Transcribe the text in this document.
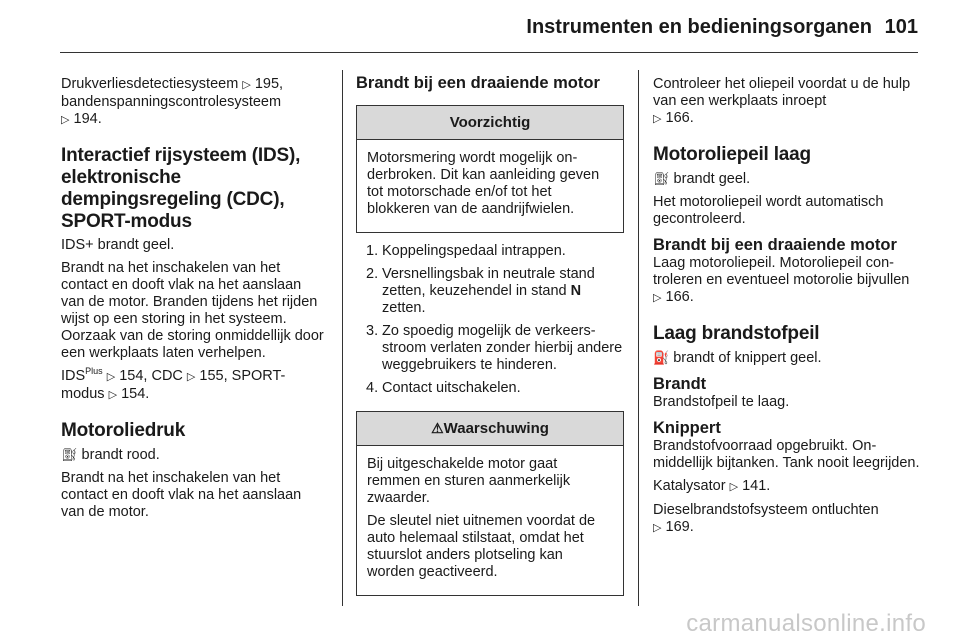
Instrumenten en bedieningsorganen 101

Drukverliesdetectiesysteem ▷ 195,
bandenspanningscontrolesysteem
▷ 194.

Interactief rijsysteem (IDS),
elektronische
dempingsregeling (CDC),
SPORT-modus

IDS+ brandt geel.

Brandt na het inschakelen van het contact en dooft vlak na het aanslaan van de motor. Branden tijdens het rijden wijst op een storing in het systeem. Oorzaak van de storing onmiddellijk door een werkplaats laten verhelpen.

$IDS^{Plus}$ ▷ 154, CDC ▷ 155, SPORT-
modus ▷ 154.

Motoroliedruk

⛽︎ brandt rood.

Brandt na het inschakelen van het contact en dooft vlak na het aanslaan van de motor.

Brandt bij een draaiende motor
Voorzichtig

Motorsmering wordt mogelijk onderbroken. Dit kan aanleiding geven tot motorschade en/of tot het blokkeren van de aandrijfwielen.

1. Koppelingspedaal intrappen.
2. Versnellingsbak in neutrale stand zetten, keuzehendel in stand N
zetten.
3. Zo spoedig mogelijk de verkeersstroom verlaten zonder hierbij andere weggebruikers te hinderen.
4. Contact uitschakelen.
⚠Waarschuwing

Bij uitgeschakelde motor gaat remmen en sturen aanmerkelijk zwaarder.

De sleutel niet uitnemen voordat de auto helemaal stilstaat, omdat het stuurslot anders plotseling kan worden geactiveerd.

Controleer het oliepeil voordat u de hulp van een werkplaats inroept
▷ 166.

Motoroliepeil laag

⛽︎ brandt geel.

Het motoroliepeil wordt automatisch gecontroleerd.

Brandt bij een draaiende motor

Laag motoroliepeil. Motoroliepeil controleren en eventueel motorolie bijvullen ▷ 166.

Laag brandstofpeil

⛽ brandt of knippert geel.

Brandt

Brandstofpeil te laag.

Knippert

Brandstofvoorraad opgebruikt. Onmiddellijk bijtanken. Tank nooit leegrijden.

Katalysator ▷ 141.

Dieselbrandstofsysteem ontluchten
▷ 169.

carmanualsonline.info
